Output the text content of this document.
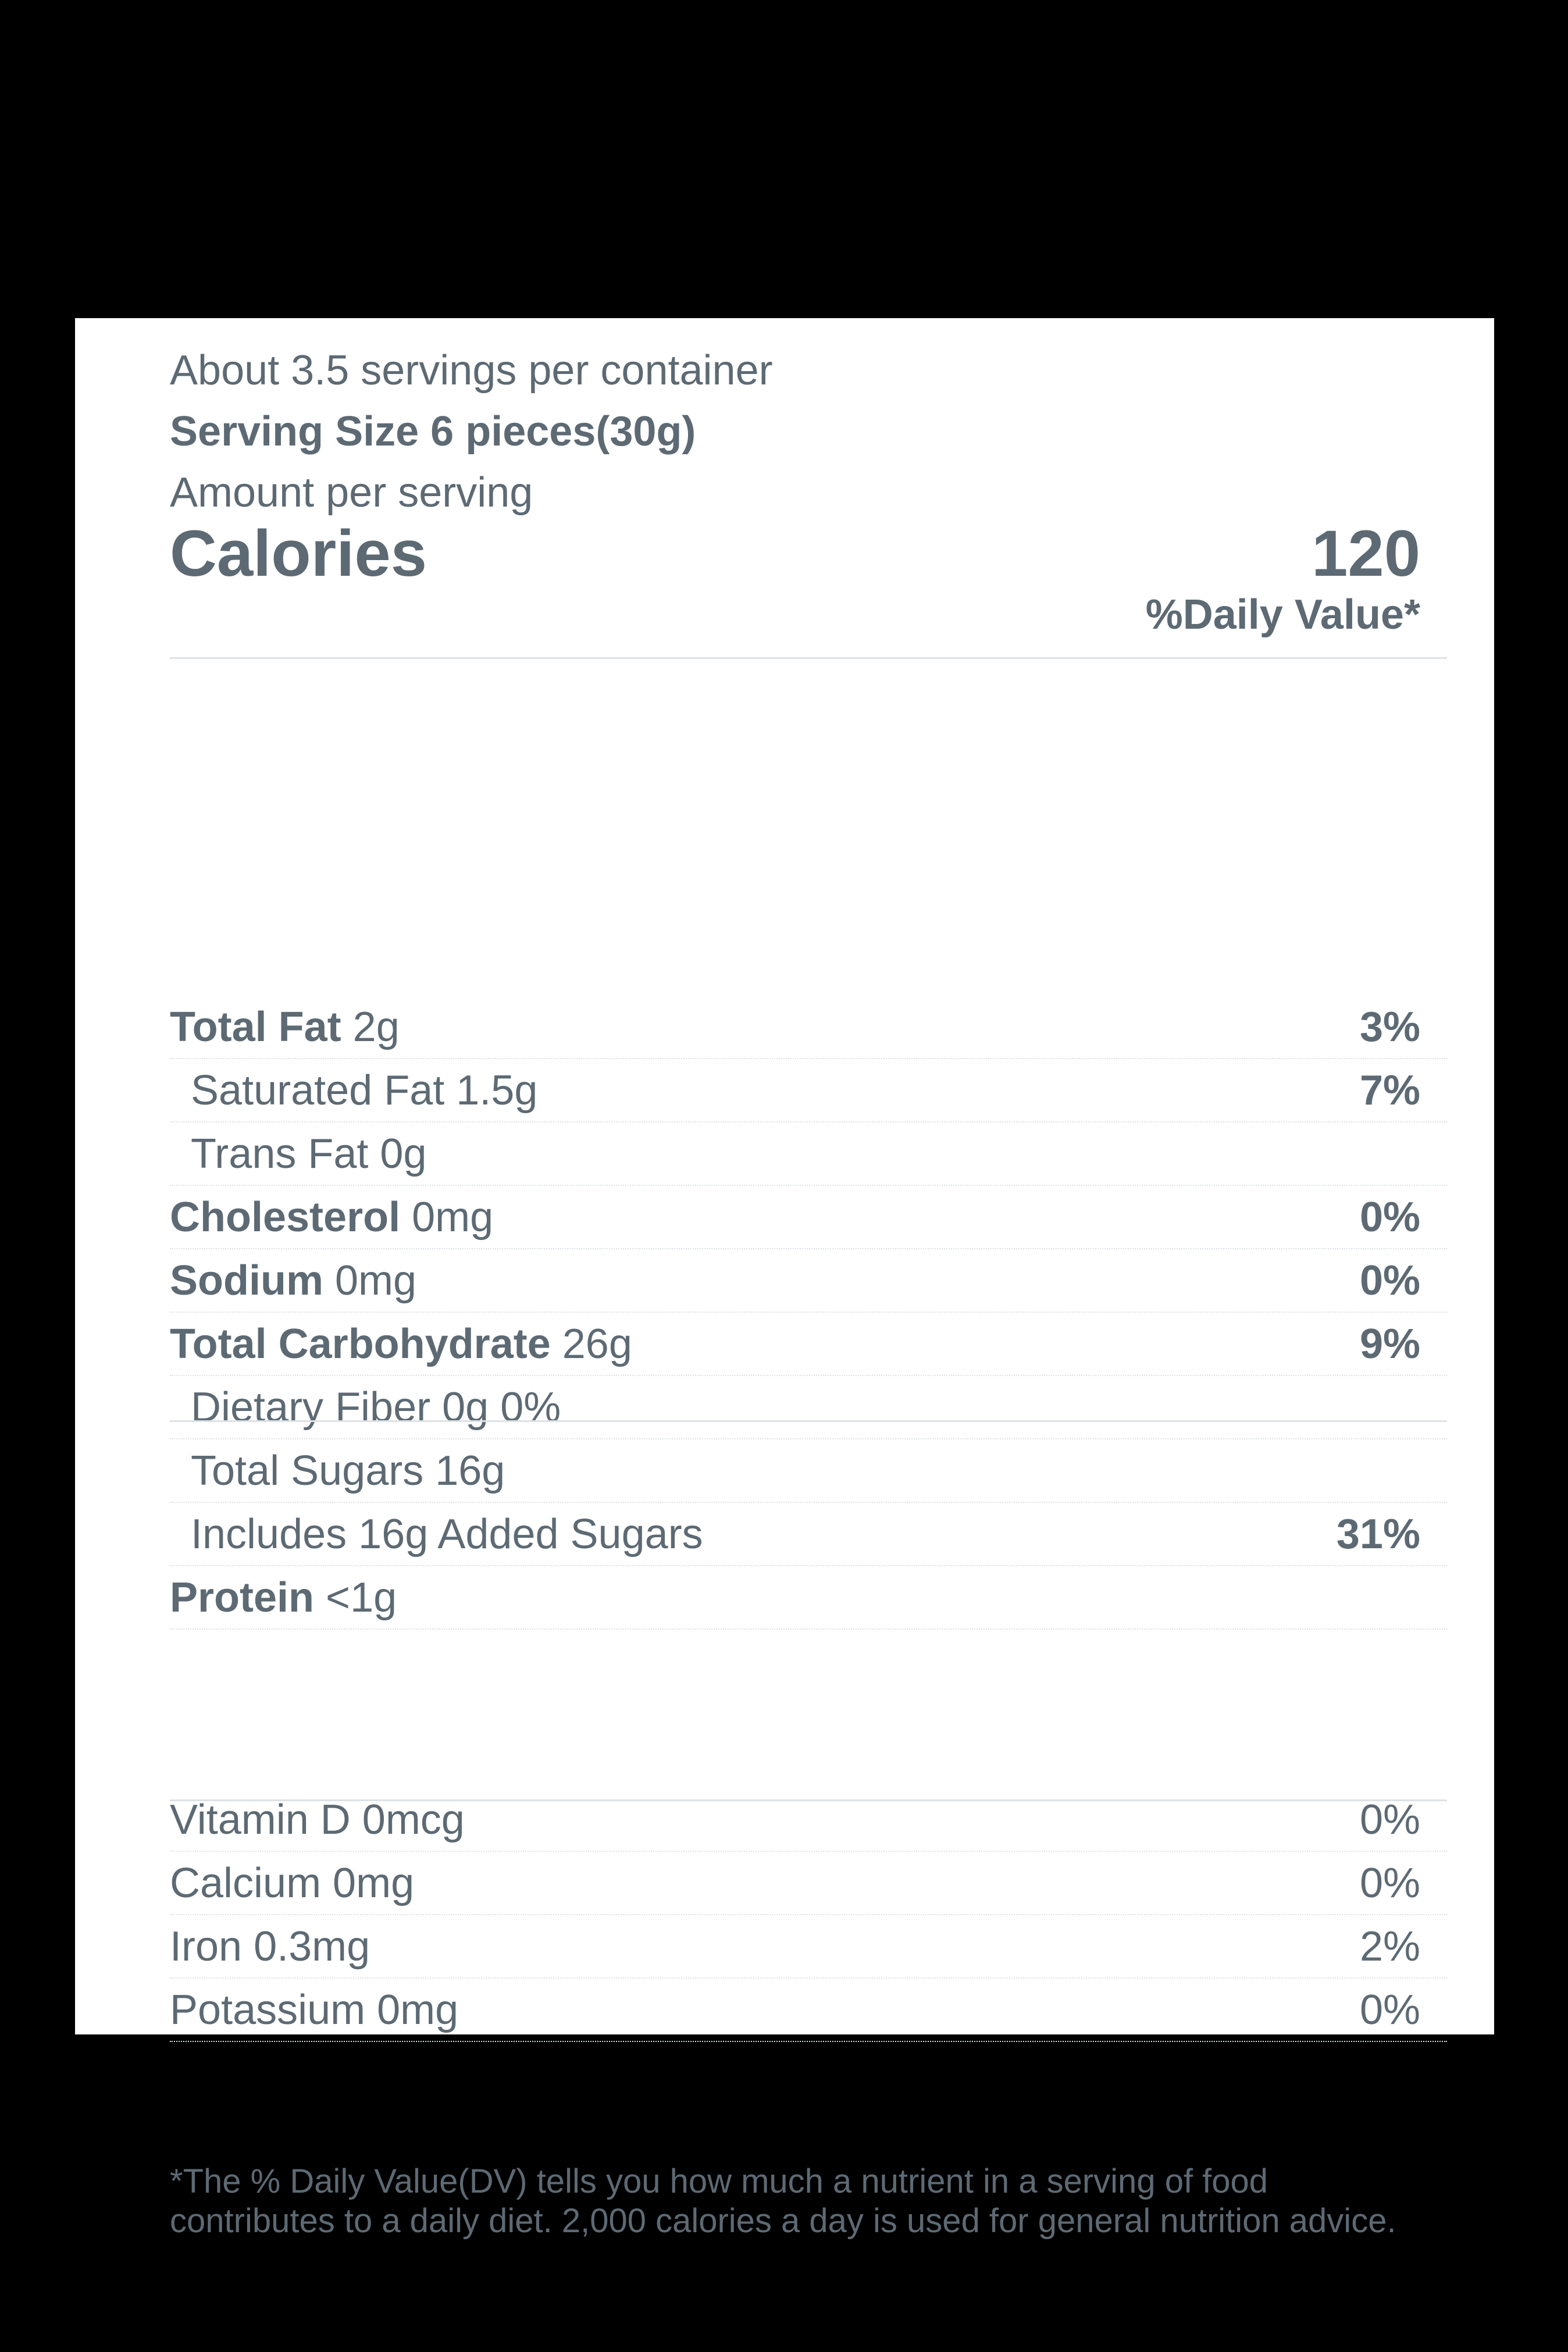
About 3.5 servings per container
Serving Size 6 pieces(30g)
Amount per serving
Calories	120
%Daily Value*
Total Fat 2g	3%
Saturated Fat 1.5g	7%
Trans Fat 0g
Cholesterol 0mg	0%
Sodium 0mg	0%
Total Carbohydrate 26g	9%
Dietary Fiber 0g 0%
Total Sugars 16g
Includes 16g Added Sugars	31%
Protein <1g
Vitamin D 0mcg	0%
Calcium 0mg	0%
Iron 0.3mg	2%
Potassium 0mg	0%
*The % Daily Value(DV) tells you how much a nutrient in a serving of food contributes to a daily diet. 2,000 calories a day is used for general nutrition advice.
